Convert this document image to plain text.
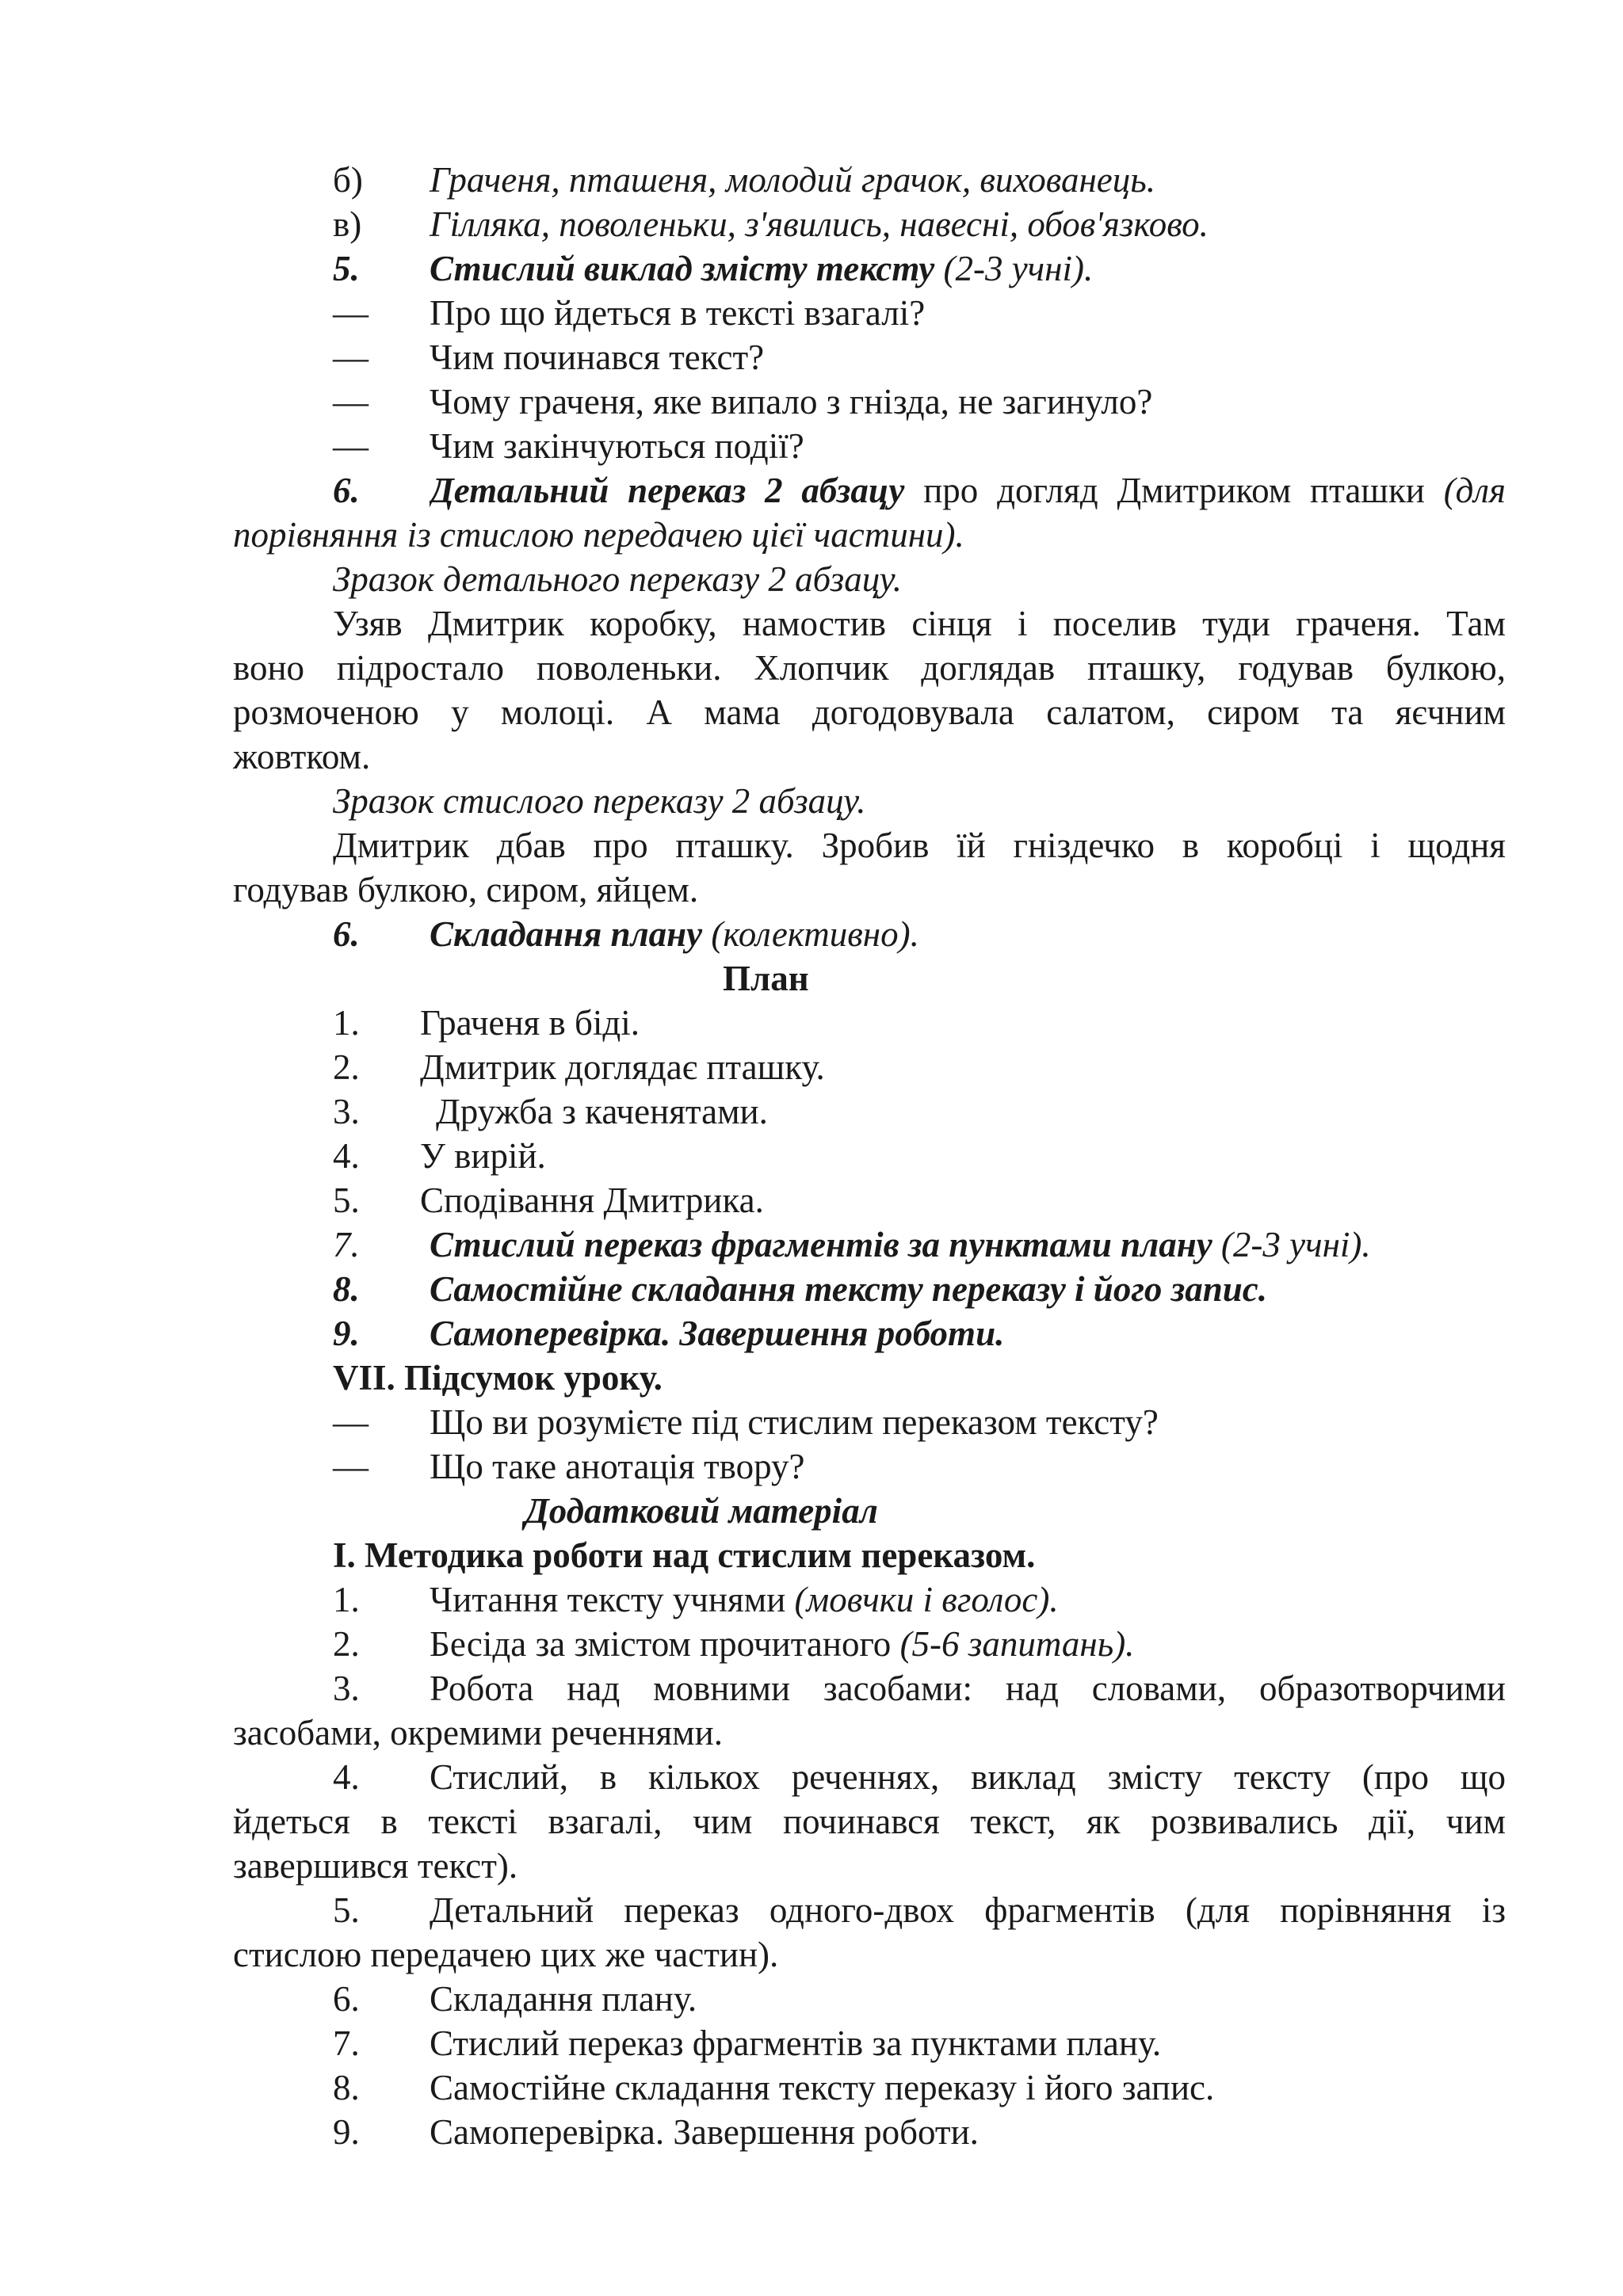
б) Граченя, пташеня, молодий грачок, вихованець.
в) Гілляка, поволеньки, з'явились, навесні, обов'язково.
5. Стислий виклад змісту тексту (2-3 учні).
— Про що йдеться в тексті взагалі?
— Чим починався текст?
— Чому граченя, яке випало з гнізда, не загинуло?
— Чим закінчуються події?
6. Детальний переказ 2 абзацу про догляд Дмитриком пташки (для
порівняння із стислою передачею цієї частини).
Зразок детального переказу 2 абзацу.
Узяв Дмитрик коробку, намостив сінця і поселив туди граченя. Там
воно підростало поволеньки. Хлопчик доглядав пташку, годував булкою,
розмоченою у молоці. А мама догодовувала салатом, сиром та яєчним
жовтком.
Зразок стислого переказу 2 абзацу.
Дмитрик дбав про пташку. Зробив їй гніздечко в коробці і щодня
годував булкою, сиром, яйцем.
6. Складання плану (колективно).
План
1. Граченя в біді.
2. Дмитрик доглядає пташку.
3. Дружба з каченятами.
4. У вирій.
5. Сподівання Дмитрика.
7. Стислий переказ фрагментів за пунктами плану (2-3 учні).
8. Самостійне складання тексту переказу і його запис.
9. Самоперевірка. Завершення роботи.
VII. Підсумок уроку.
— Що ви розумієте під стислим переказом тексту?
— Що таке анотація твору?
Додатковий матеріал
I. Методика роботи над стислим переказом.
1. Читання тексту учнями (мовчки і вголос).
2. Бесіда за змістом прочитаного (5-6 запитань).
3. Робота над мовними засобами: над словами, образотворчими
засобами, окремими реченнями.
4. Стислий, в кількох реченнях, виклад змісту тексту (про що
йдеться в тексті взагалі, чим починався текст, як розвивались дії, чим
завершився текст).
5. Детальний переказ одного-двох фрагментів (для порівняння із
стислою передачею цих же частин).
6. Складання плану.
7. Стислий переказ фрагментів за пунктами плану.
8. Самостійне складання тексту переказу і його запис.
9. Самоперевірка. Завершення роботи.
